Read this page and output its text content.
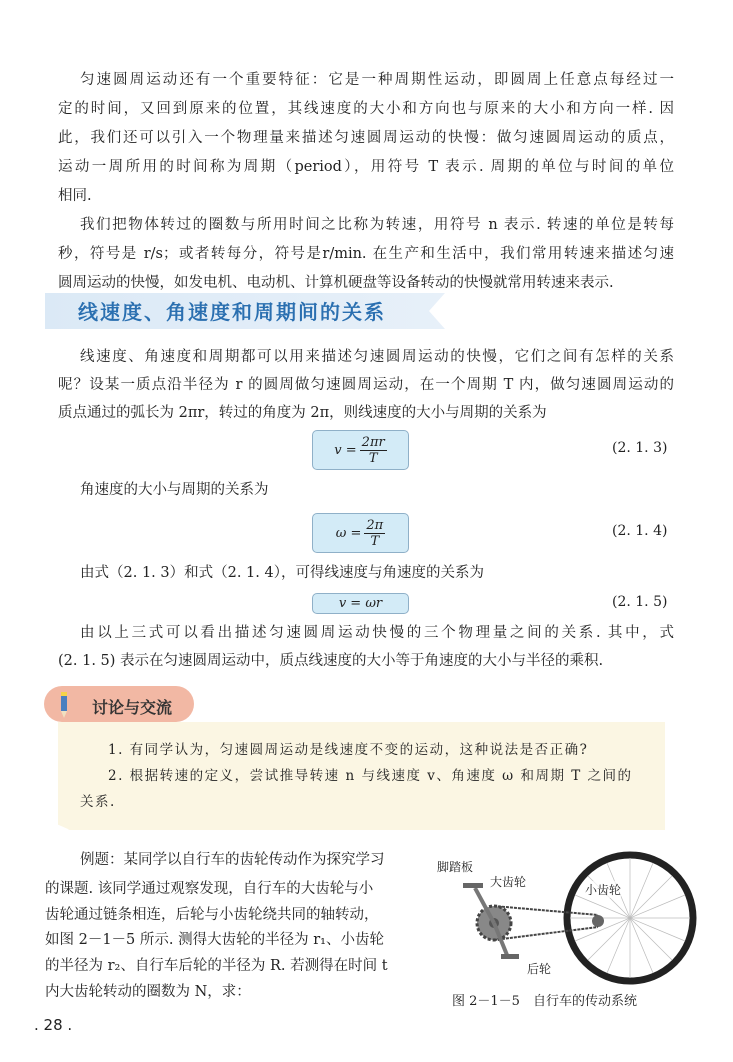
匀速圆周运动还有一个重要特征：它是一种周期性运动，即圆周上任意点每经过一
定的时间，又回到原来的位置，其线速度的大小和方向也与原来的大小和方向一样. 因
此，我们还可以引入一个物理量来描述匀速圆周运动的快慢：做匀速圆周运动的质点，
运动一周所用的时间称为周期（period），用符号 T 表示. 周期的单位与时间的单位
相同.
我们把物体转过的圈数与所用时间之比称为转速，用符号 n 表示. 转速的单位是转每
秒，符号是 r/s；或者转每分，符号是r/min. 在生产和生活中，我们常用转速来描述匀速
圆周运动的快慢，如发电机、电动机、计算机硬盘等设备转动的快慢就常用转速来表示.
线速度、角速度和周期间的关系
线速度、角速度和周期都可以用来描述匀速圆周运动的快慢，它们之间有怎样的关系
呢？设某一质点沿半径为 r 的圆周做匀速圆周运动，在一个周期 T 内，做匀速圆周运动的
质点通过的弧长为 2πr，转过的角度为 2π，则线速度的大小与周期的关系为
$v = \frac{2\pi r}{T}$	(2. 1. 3)
角速度的大小与周期的关系为
$\omega = \frac{2\pi}{T}$	(2. 1. 4)
由式（2. 1. 3）和式（2. 1. 4），可得线速度与角速度的关系为
v = ωr	(2. 1. 5)
由以上三式可以看出描述匀速圆周运动快慢的三个物理量之间的关系. 其中，式
(2. 1. 5) 表示在匀速圆周运动中，质点线速度的大小等于角速度的大小与半径的乘积.
讨论与交流
1. 有同学认为，匀速圆周运动是线速度不变的运动，这种说法是否正确?
2. 根据转速的定义，尝试推导转速 n 与线速度 v、角速度 ω 和周期 T 之间的
关系.
例题：某同学以自行车的齿轮传动作为探究学习
的课题. 该同学通过观察发现，自行车的大齿轮与小
齿轮通过链条相连，后轮与小齿轮绕共同的轴转动，
如图 2－1－5 所示. 测得大齿轮的半径为 r₁、小齿轮
的半径为 r₂、自行车后轮的半径为 R. 若测得在时间 t
内大齿轮转动的圈数为 N，求：
脚踏板
大齿轮
小齿轮
后轮
图 2－1－5　自行车的传动系统
. 28 .
